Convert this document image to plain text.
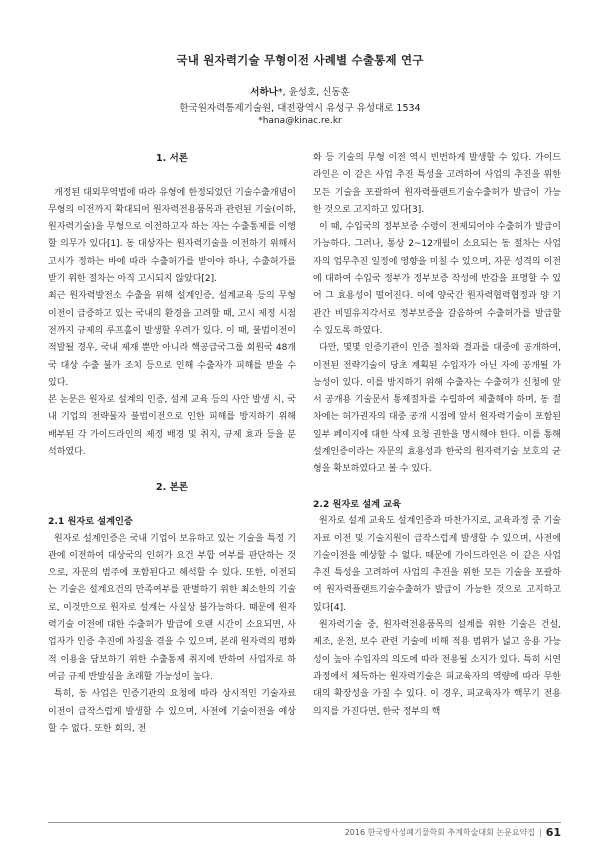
국내 원자력기술 무형이전 사례별 수출통제 연구
서하나*, 윤성호, 신동훈
한국원자력통제기술원, 대전광역시 유성구 유성대로 1534
*hana@kinac.re.kr
1. 서론

개정된 대외무역법에 따라 유형에 한정되었던 기술수출개념이 무형의 이전까지 확대되어 원자력전용품목과 관련된 기술(이하, 원자력기술)을 무형으로 이전하고자 하는 자는 수출통제를 이행할 의무가 있다[1]. 동 대상자는 원자력기술을 이전하기 위해서 고시가 정하는 바에 따라 수출허가를 받아야 하나, 수출허가를 받기 위한 절차는 아직 고시되지 않았다[2].

최근 원자력발전소 수출을 위해 설계인증, 설계교육 등의 무형이전이 급증하고 있는 국내의 환경을 고려할 때, 고시 제정 시점 전까지 규제의 루프홀이 발생할 우려가 있다. 이 때, 불법이전이 적발될 경우, 국내 제재 뿐만 아니라 핵공급국그룹 회원국 48개국 대상 수출 불가 조치 등으로 인해 수출자가 피해를 받을 수 있다.

본 논문은 원자로 설계의 인증, 설계 교육 등의 사안 발생 시, 국내 기업의 전략물자 불법이전으로 인한 피해를 방지하기 위해 배부된 각 가이드라인의 제정 배경 및 취지, 규제 효과 등을 분석하였다.

2. 본론
2.1 원자로 설계인증

원자로 설계인증은 국내 기업이 보유하고 있는 기술을 특정 기관에 이전하여 대상국의 인허가 요건 부합 여부를 판단하는 것으로, 자문의 범주에 포함된다고 해석할 수 있다. 또한, 이전되는 기술은 설계요건의 만족여부를 판별하기 위한 최소한의 기술로, 이것만으로 원자로 설계는 사실상 불가능하다. 때문에 원자력기술 이전에 대한 수출허가 발급에 오랜 시간이 소요되면, 사업자가 인증 추진에 차질을 겪을 수 있으며, 본래 원자력의 평화적 이용을 담보하기 위한 수출통제 취지에 반하여 사업자로 하여금 규제 반발심을 초래할 가능성이 높다.

특히, 동 사업은 인증기관의 요청에 따라 상시적인 기술자료 이전이 급작스럽게 발생할 수 있으며, 사전에 기술이전을 예상할 수 없다. 또한 회의, 전

화 등 기술의 무형 이전 역시 빈번하게 발생할 수 있다. 가이드라인은 이 같은 사업 추진 특성을 고려하여 사업의 추진을 위한 모든 기술을 포괄하여 원자력플랜트기술수출허가 발급이 가능한 것으로 고지하고 있다[3].

이 때, 수입국의 정부보증 수령이 전제되어야 수출허가 발급이 가능하다. 그러나, 통상 2~12개월이 소요되는 동 절차는 사업자의 업무추진 일정에 영향을 미칠 수 있으며, 자문 성격의 이전에 대하여 수입국 정부가 정부보증 작성에 반감을 표명할 수 있어 그 효용성이 떨어진다. 이에 양국간 원자력협력협정과 양 기관간 비밀유지각서로 정부보증을 갈음하여 수출허가를 발급할 수 있도록 하였다.

다만, 몇몇 인증기관이 인증 절차와 결과를 대중에 공개하여, 이전된 전략기술이 당초 계획된 수입자가 아닌 자에 공개될 가능성이 있다. 이를 방지하기 위해 수출자는 수출허가 신청에 앞서 공개용 기술문서 통제절차를 수립하여 제출해야 하며, 동 절차에는 허가권자의 대중 공개 시점에 앞서 원자력기술이 포함된 일부 페이지에 대한 삭제 요청 권한을 명시해야 한다. 이를 통해 설계인증이라는 자문의 효용성과 한국의 원자력기술 보호의 균형을 확보하였다고 볼 수 있다.

2.2 원자로 설계 교육

원자로 설계 교육도 설계인증과 마찬가지로, 교육과정 중 기술자료 이전 및 기술지원이 급작스럽게 발생할 수 있으며, 사전에 기술이전을 예상할 수 없다. 때문에 가이드라인은 이 같은 사업 추진 특성을 고려하여 사업의 추진을 위한 모든 기술을 포괄하여 원자력플랜트기술수출허가 발급이 가능한 것으로 고지하고 있다[4].

원자력기술 중, 원자력전용품목의 설계를 위한 기술은 건설, 제조, 운전, 보수 관련 기술에 비해 적용 범위가 넓고 응용 가능성이 높아 수입자의 의도에 따라 전용될 소지가 있다. 특히 시연과정에서 체득하는 원자력기술은 피교육자의 역량에 따라 무한대의 확장성을 가질 수 있다. 이 경우, 피교육자가 핵무기 전용 의지를 가진다면, 한국 정부의 핵

2016 한국방사성폐기물학회 추계학술대회 논문요약집 | 61
